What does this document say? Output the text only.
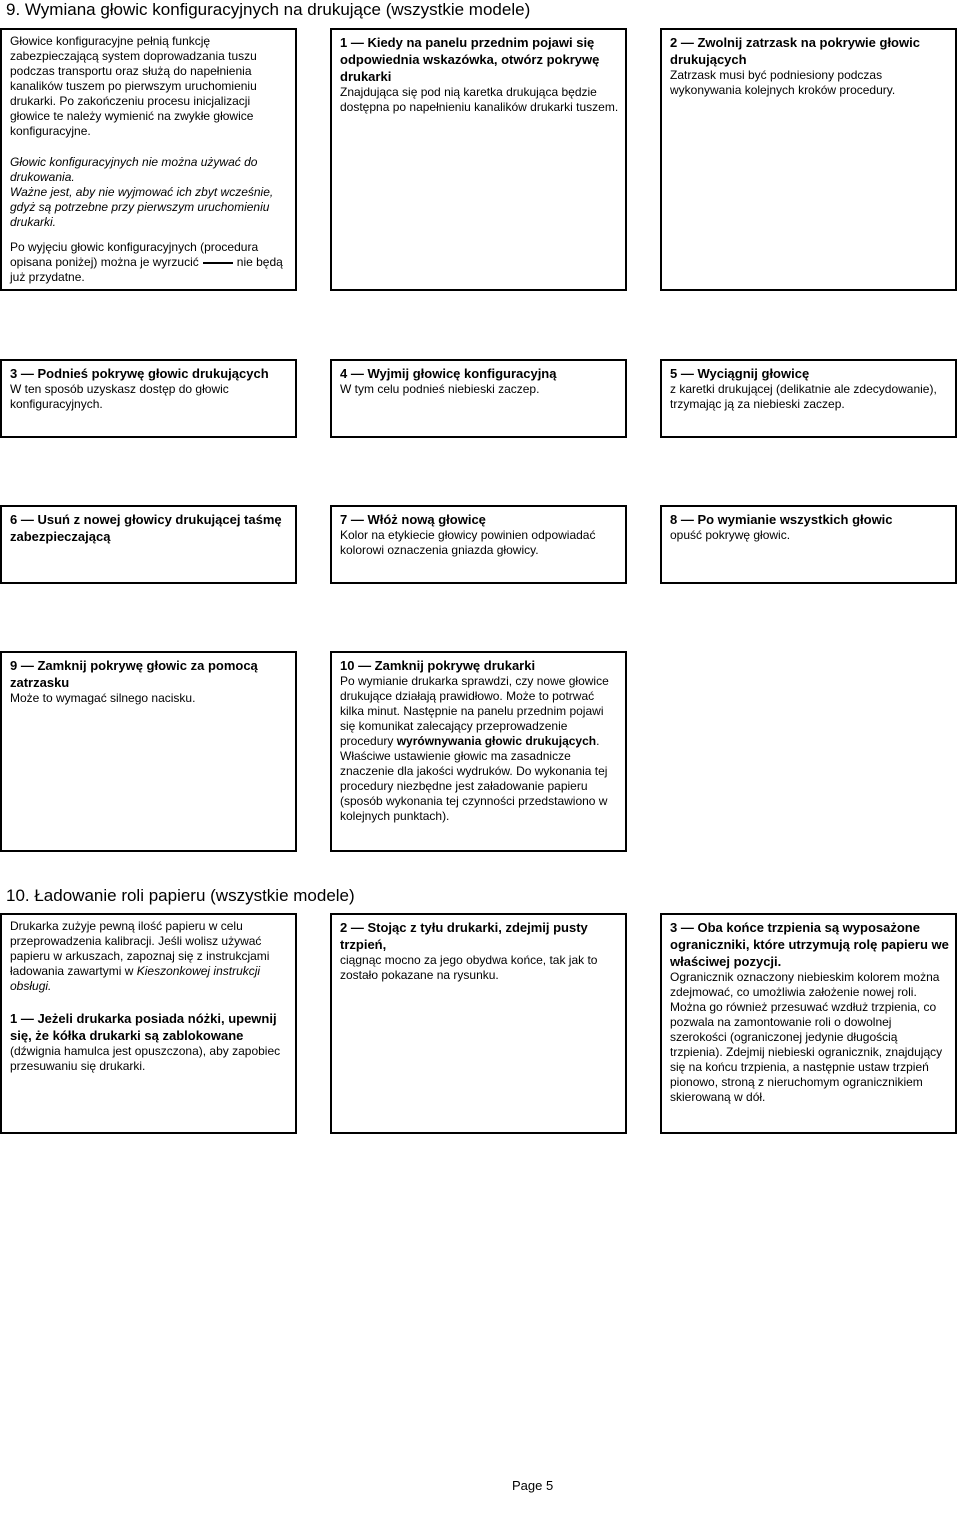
9. Wymiana głowic konfiguracyjnych na drukujące (wszystkie modele)

Głowice konfiguracyjne pełnią funkcję zabezpieczającą system doprowadzania tuszu podczas transportu oraz służą do napełnienia kanalików tuszem po pierwszym uruchomieniu drukarki. Po zakończeniu procesu inicjalizacji głowice te należy wymienić na zwykłe głowice konfiguracyjne.

Głowic konfiguracyjnych nie można używać do drukowania.

Ważne jest, aby nie wyjmować ich zbyt wcześnie, gdyż są potrzebne przy pierwszym uruchomieniu drukarki.

Po wyjęciu głowic konfiguracyjnych (procedura opisana poniżej) można je wyrzucić	nie będą już przydatne.

1 — Kiedy na panelu przednim pojawi się odpowiednia wskazówka, otwórz pokrywę drukarki

Znajdująca się pod nią karetka drukująca będzie dostępna po napełnieniu kanalików drukarki tuszem.

2 — Zwolnij zatrzask na pokrywie głowic drukujących

Zatrzask musi być podniesiony podczas wykonywania kolejnych kroków procedury.

3 — Podnieś pokrywę głowic drukujących

W ten sposób uzyskasz dostęp do głowic konfiguracyjnych.

4 — Wyjmij głowicę konfiguracyjną

W tym celu podnieś niebieski zaczep.

5 — Wyciągnij głowicę

z karetki drukującej (delikatnie ale zdecydowanie), trzymając ją za niebieski zaczep.

6 — Usuń z nowej głowicy drukującej taśmę zabezpieczającą

7 — Włóż nową głowicę

Kolor na etykiecie głowicy powinien odpowiadać kolorowi oznaczenia gniazda głowicy.

8 — Po wymianie wszystkich głowic

opuść pokrywę głowic.

9 — Zamknij pokrywę głowic za pomocą zatrzasku

Może to wymagać silnego nacisku.

10 — Zamknij pokrywę drukarki

Po wymianie drukarka sprawdzi, czy nowe głowice drukujące działają prawidłowo. Może to potrwać kilka minut. Następnie na panelu przednim pojawi się komunikat zalecający przeprowadzenie procedury wyrównywania głowic drukujących. Właściwe ustawienie głowic ma zasadnicze znaczenie dla jakości wydruków. Do wykonania tej procedury niezbędne jest załadowanie papieru (sposób wykonania tej czynności przedstawiono w kolejnych punktach).

10. Ładowanie roli papieru (wszystkie modele)

Drukarka zużyje pewną ilość papieru w celu przeprowadzenia kalibracji. Jeśli wolisz używać papieru w arkuszach, zapoznaj się z instrukcjami ładowania zawartymi w Kieszonkowej instrukcji obsługi.

1 — Jeżeli drukarka posiada nóżki, upewnij się, że kółka drukarki są zablokowane

(dźwignia hamulca jest opuszczona), aby zapobiec przesuwaniu się drukarki.

2 — Stojąc z tyłu drukarki, zdejmij pusty trzpień,

ciągnąc mocno za jego obydwa końce, tak jak to zostało pokazane na rysunku.

3 — Oba końce trzpienia są wyposażone ograniczniki, które utrzymują rolę papieru we właściwej pozycji.

Ogranicznik oznaczony niebieskim kolorem można zdejmować, co umożliwia założenie nowej roli. Można go również przesuwać wzdłuż trzpienia, co pozwala na zamontowanie roli o dowolnej szerokości (ograniczonej jedynie długością trzpienia). Zdejmij niebieski ogranicznik, znajdujący się na końcu trzpienia, a następnie ustaw trzpień pionowo, stroną z nieruchomym ogranicznikiem skierowaną w dół.

Page 5
